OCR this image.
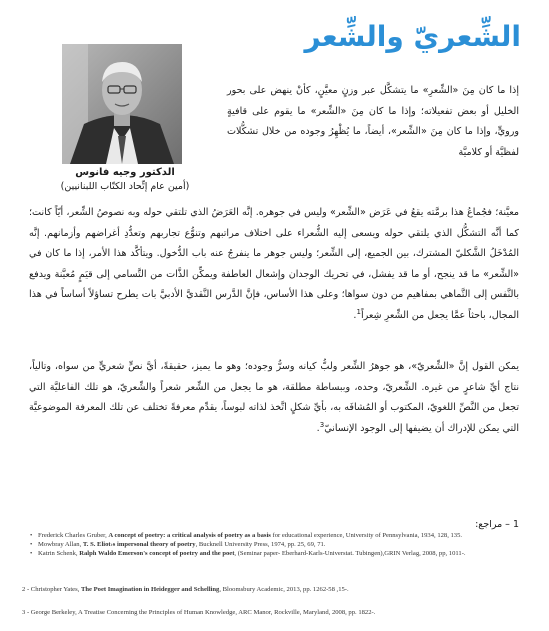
الشِّعريّ والشِّعر
الدكتور وجيه فانوس
(أمين عام إتِّحاد الكتّاب اللبنانيين)

إذا ما كان مِنَ «الشِّعرِ» ما يتشكَّل عبر وزنٍ معيَّنٍ، كأنْ ينهض على بحور الخليل أو بعض تفعيلاته؛ وإذا ما كان مِنَ «الشِّعر» ما يقوم على قافيةٍ ورويٍّ، وإذا ما كان مِنَ «الشِّعر»، أيضاً، ما يُظْهِرُ وجوده من خلال تشكُّلات لفظيَّة أو كلاميَّة

معيَّنة؛ فجُماعُ هذا برمَّته يقعُ في عَرَض «الشِّعر» وليس في جوهره. إنَّه العَرَضُ الذي تلتقي حوله وبه نصوصُ الشِّعر، أيّاً كانت؛ كما أنَّه التشكُّل الذي يلتقي حوله ويسعى إليه الشُّعراء على اختلاف مراتبهم وتنوُّع تجاربهم وتعدُّدِ أغراضهم وأزمانهم. إنَّه المُدْخَلُ الشَّكليّ المشترك، بين الجميع، إلى الشِّعر؛ وليس جوهر ما ينفرجُ عنه باب الدُّخول. ويتأكَّد هذا الأمر، إذا ما كان في «الشِّعر» ما قد ينجح، أو ما قد يفشل، في تحريك الوجدان وإشعال العاطفة ويمكِّن الذَّات من التَّسامي إلى قيَمٍ مُعيَّنة ويدفع بالنَّفس إلى التَّماهي بمفاهيم من دون سواها؛ وعلى هذا الأساس، فإنَّ الدَّرس النَّقديَّ الأدبيَّ بات يطرح تساؤلاً أساساً في هذا المجال، باحثاً عمَّا يجعل من الشِّعرِ شِعراً$^1$.

يمكن القول إنَّ «الشِّعريّ»، هو جوهرُ الشِّعر ولبُّ كيانه وسرُّ وجوده؛ وهو ما يميز، حقيقةً، أيَّ نصٍّ شعريٍّ من سواه، وتالياً، نتاج أيِّ شاعرٍ من غيره. الشِّعريّ، وحده، وببساطة مطلقة، هو ما يجعل من الشِّعر شعراً والشِّعريّ، هو تلك الفاعليَّة التي تجعل من النَّصِّ اللغويّ، المكتوب أو المُشافَه به، بأيِّ شكلٍ اتَّخذ لذاته لبوساً، يقدِّم معرفةً تختلف عن تلك المعرفة الموضوعيَّة التي يمكن للإدراك أن يضيفها إلى الوجود الإنسانيّ$^3$.

1 – مراجع:
• Frederick Charles Gruber, A concept of poetry: a critical analysis of poetry as a basis for educational experience, University of Pennsylvania, 1934, 128, 135.
• Mowbray Allan, T. S. Eliot›s impersonal theory of poetry, Bucknell University Press, 1974, pp. 25, 69, 71.
• Katrin Schenk, Ralph Waldo Emerson's concept of poetry and the poet, (Seminar paper- Eberhard-Karls-Universtat. Tubingen),GRIN Verlag, 2008, pp, 1011-.
2 - Christopher Yates, The Poet Imagination in Heidegger and Schelling, Bloomsbury Academic, 2013, pp. 1262-58 ,15-.
3 - George Berkeley, A Treatise Concerning the Principles of Human Knowledge, ARC Manor, Rockville, Maryland, 2008, pp. 1822-.
